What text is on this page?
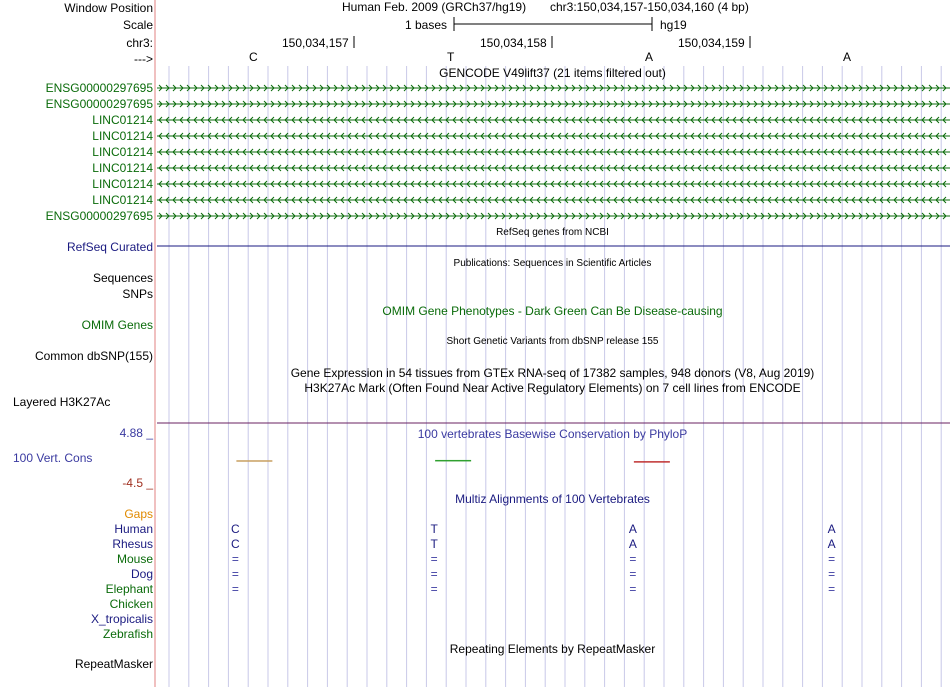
Window Position
Scale
chr3:
--->
Human Feb. 2009 (GRCh37/hg19) chr3:150,034,157-150,034,160 (4 bp)
1 bases	hg19
150,034,157	150,034,158	150,034,159
C	T	A	A
GENCODE V49lift37 (21 items filtered out)
ENSG00000297695
ENSG00000297695
LINC01214
LINC01214
LINC01214
LINC01214
LINC01214
LINC01214
ENSG00000297695
RefSeq genes from NCBI
RefSeq Curated
Publications: Sequences in Scientific Articles
Sequences
SNPs
OMIM Gene Phenotypes - Dark Green Can Be Disease-causing
OMIM Genes
Short Genetic Variants from dbSNP release 155
Common dbSNP(155)
Gene Expression in 54 tissues from GTEx RNA-seq of 17382 samples, 948 donors (V8, Aug 2019)
H3K27Ac Mark (Often Found Near Active Regulatory Elements) on 7 cell lines from ENCODE
Layered H3K27Ac
100 vertebrates Basewise Conservation by PhyloP
4.88 _
100 Vert. Cons
-4.5 _
Multiz Alignments of 100 Vertebrates
Gaps
Human	C	T	A	A
Rhesus	C	T	A	A
Mouse	=	=	=	=
Dog	=	=	=	=
Elephant	=	=	=	=
Chicken
X_tropicalis
Zebrafish
Repeating Elements by RepeatMasker
RepeatMasker
